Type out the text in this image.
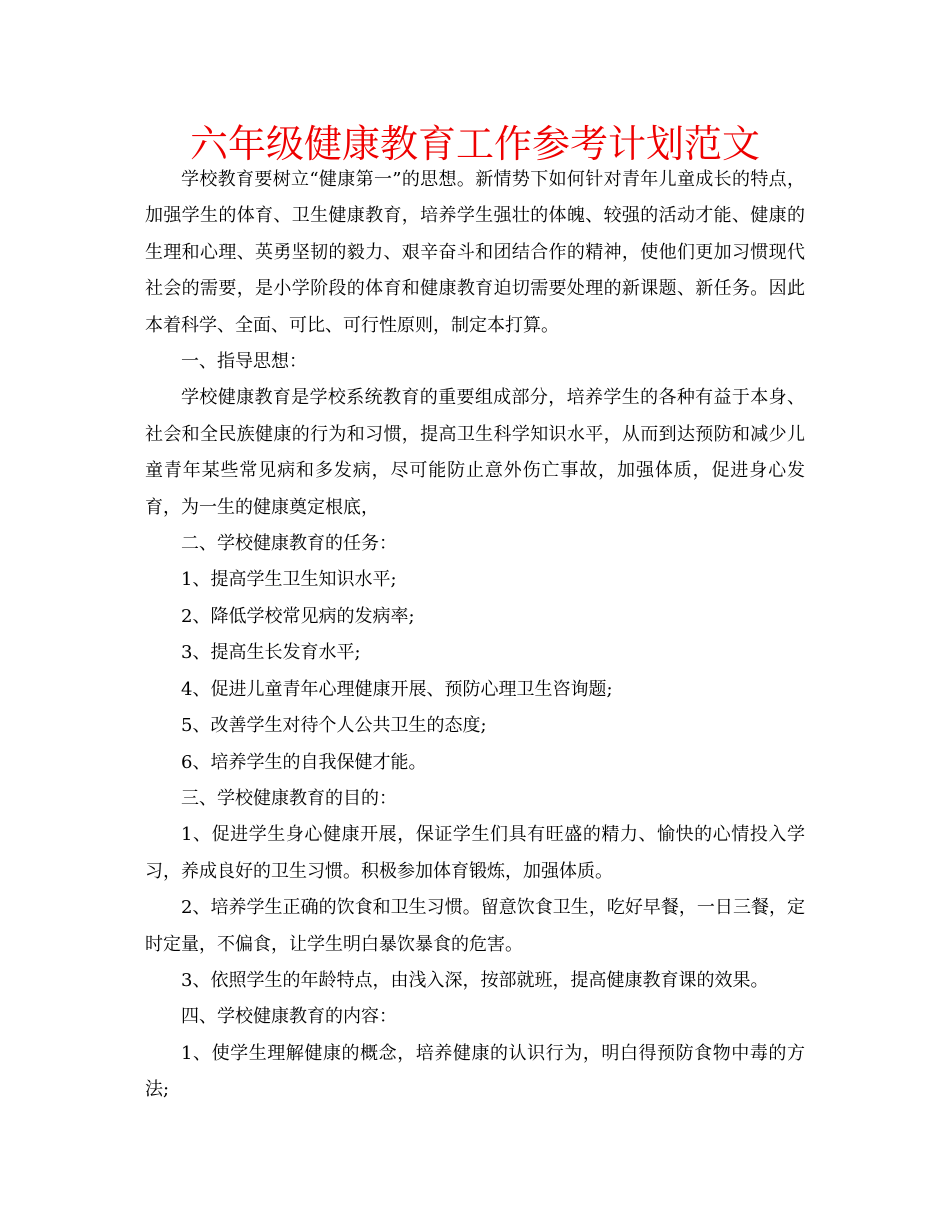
六年级健康教育工作参考计划范文

学校教育要树立“健康第一”的思想。新情势下如何针对青年儿童成长的特点，加强学生的体育、卫生健康教育，培养学生强壮的体魄、较强的活动才能、健康的生理和心理、英勇坚韧的毅力、艰辛奋斗和团结合作的精神，使他们更加习惯现代社会的需要，是小学阶段的体育和健康教育迫切需要处理的新课题、新任务。因此本着科学、全面、可比、可行性原则，制定本打算。

一、指导思想：

学校健康教育是学校系统教育的重要组成部分，培养学生的各种有益于本身、社会和全民族健康的行为和习惯，提高卫生科学知识水平，从而到达预防和减少儿童青年某些常见病和多发病，尽可能防止意外伤亡事故，加强体质，促进身心发育，为一生的健康奠定根底，

二、学校健康教育的任务：

1、提高学生卫生知识水平;

2、降低学校常见病的发病率;

3、提高生长发育水平;

4、促进儿童青年心理健康开展、预防心理卫生咨询题;

5、改善学生对待个人公共卫生的态度;

6、培养学生的自我保健才能。

三、学校健康教育的目的：

1、促进学生身心健康开展，保证学生们具有旺盛的精力、愉快的心情投入学习，养成良好的卫生习惯。积极参加体育锻炼，加强体质。

2、培养学生正确的饮食和卫生习惯。留意饮食卫生，吃好早餐，一日三餐，定时定量，不偏食，让学生明白暴饮暴食的危害。

3、依照学生的年龄特点，由浅入深，按部就班，提高健康教育课的效果。

四、学校健康教育的内容：

1、使学生理解健康的概念，培养健康的认识行为，明白得预防食物中毒的方法;
